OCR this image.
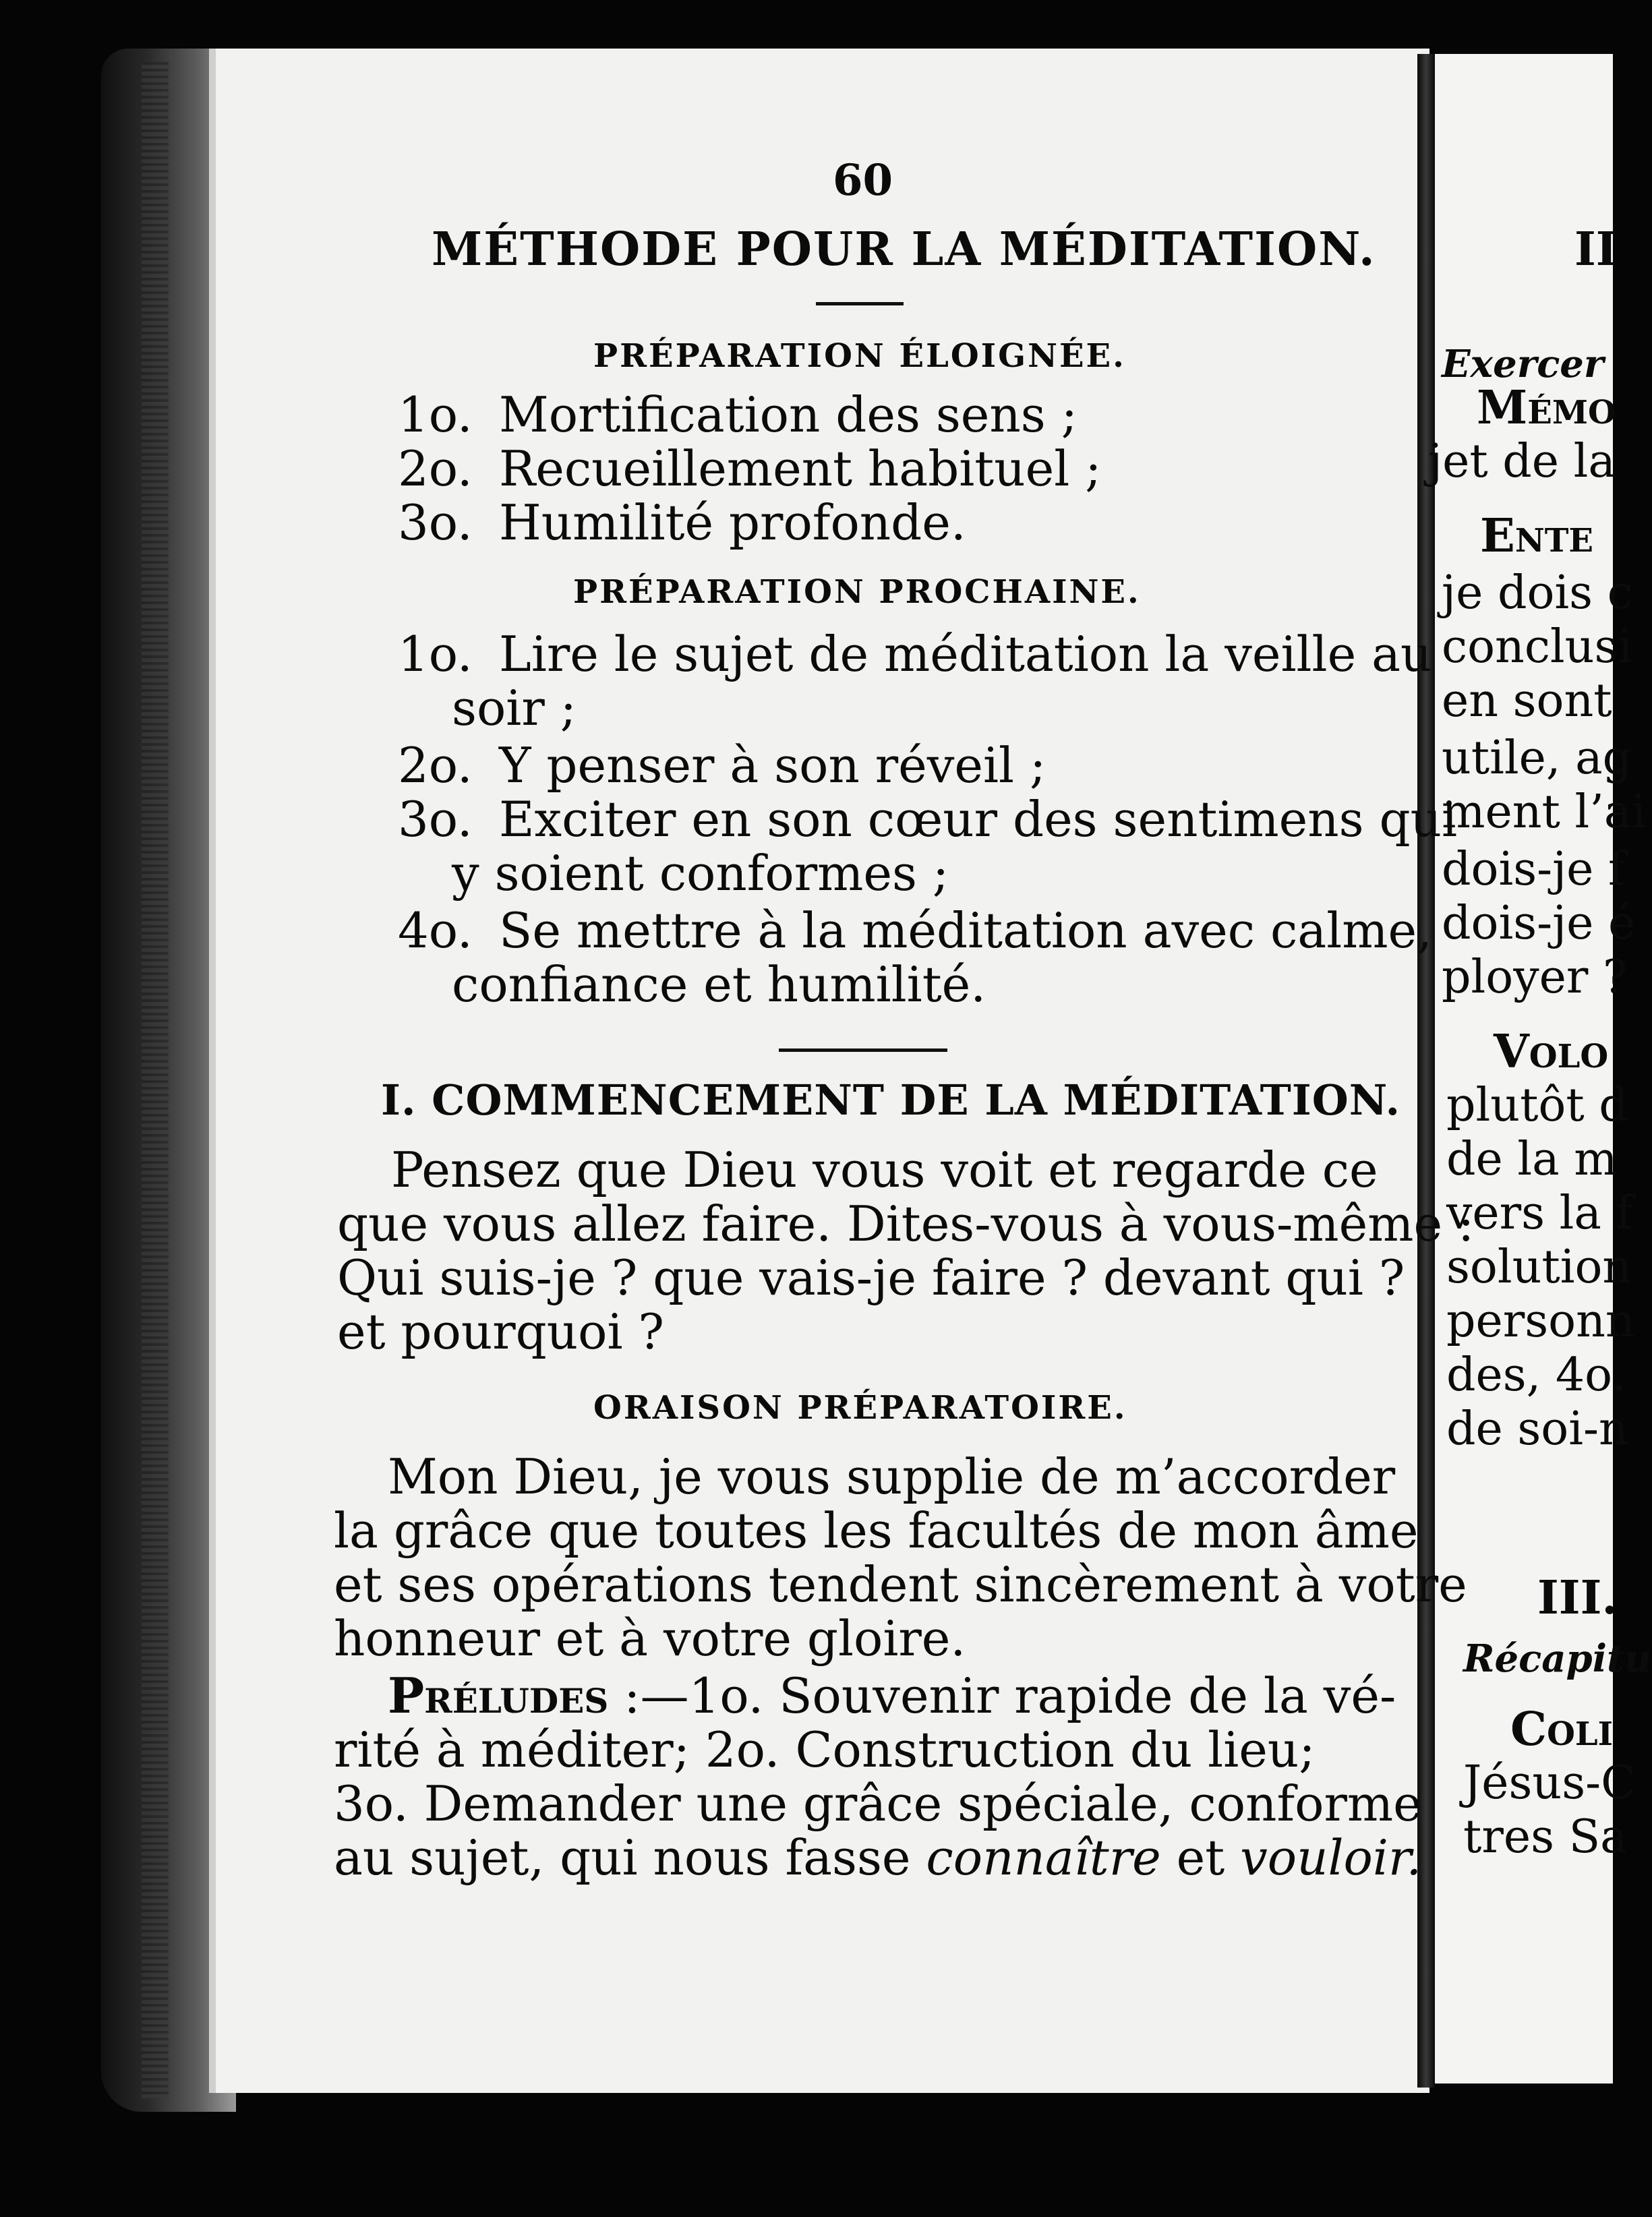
60
MÉTHODE POUR LA MÉDITATION.
PRÉPARATION ÉLOIGNÉE.
1o. Mortification des sens ;
2o. Recueillement habituel ;
3o. Humilité profonde.
PRÉPARATION PROCHAINE.
1o. Lire le sujet de méditation la veille au
soir ;
2o. Y penser à son réveil ;
3o. Exciter en son cœur des sentimens qui
y soient conformes ;
4o. Se mettre à la méditation avec calme,
confiance et humilité.
I. COMMENCEMENT DE LA MÉDITATION.
Pensez que Dieu vous voit et regarde ce
que vous allez faire. Dites-vous à vous-même :
Qui suis-je ? que vais-je faire ? devant qui ?
et pourquoi ?
ORAISON PRÉPARATOIRE.
Mon Dieu, je vous supplie de m’accorder
la grâce que toutes les facultés de mon âme
et ses opérations tendent sincèrement à votre
honneur et à votre gloire.
Préludes :—1o. Souvenir rapide de la vé-
rité à méditer; 2o. Construction du lieu;
3o. Demander une grâce spéciale, conforme
au sujet, qui nous fasse connaître et vouloir.
II
Exercer
Mémo
jet de la
Ente
je dois c
conclusi
en sont
utile, ag
ment l’ai
dois-je f
dois-je é
ployer ?
Volo
plutôt d
de la m
vers la f
solution
personn
des, 4o.
de soi-n
III.
Récapitu
Coli
Jésus-C
tres Sa
